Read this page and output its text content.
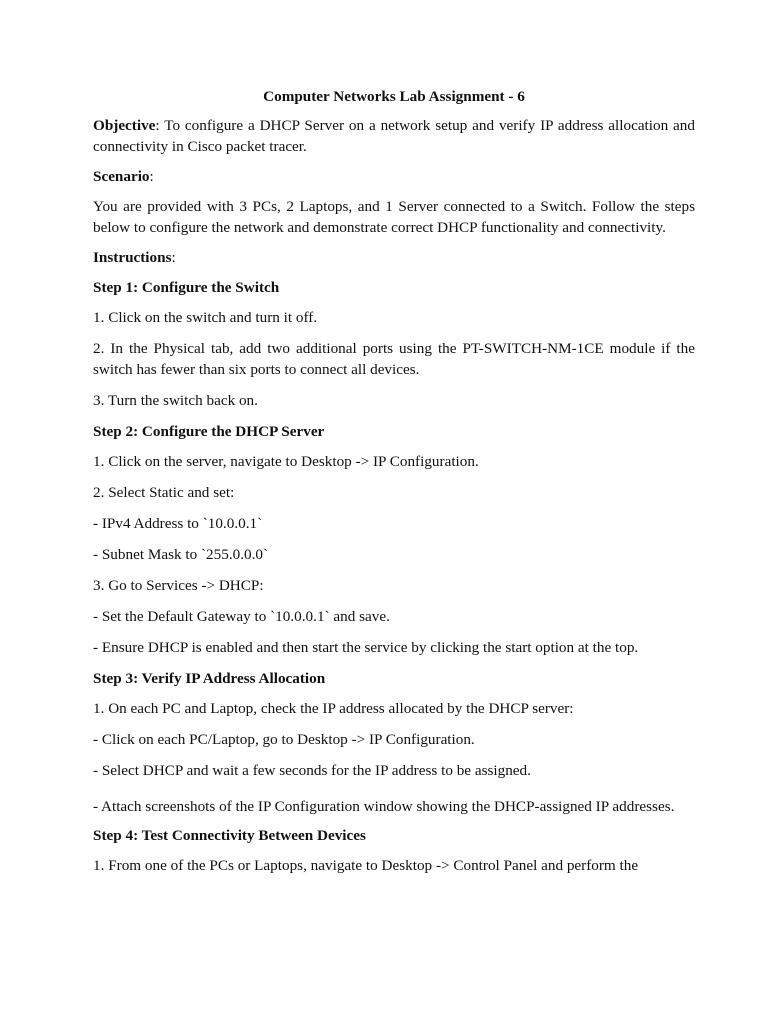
Computer Networks Lab Assignment - 6
Objective: To configure a DHCP Server on a network setup and verify IP address allocation and connectivity in Cisco packet tracer.
Scenario:
You are provided with 3 PCs, 2 Laptops, and 1 Server connected to a Switch. Follow the steps below to configure the network and demonstrate correct DHCP functionality and connectivity.
Instructions:
Step 1: Configure the Switch
1. Click on the switch and turn it off.
2. In the Physical tab, add two additional ports using the PT-SWITCH-NM-1CE module if the switch has fewer than six ports to connect all devices.
3. Turn the switch back on.
Step 2: Configure the DHCP Server
1. Click on the server, navigate to Desktop -> IP Configuration.
2. Select Static and set:
- IPv4 Address to `10.0.0.1`
- Subnet Mask to `255.0.0.0`
3. Go to Services -> DHCP:
- Set the Default Gateway to `10.0.0.1` and save.
- Ensure DHCP is enabled and then start the service by clicking the start option at the top.
Step 3: Verify IP Address Allocation
1. On each PC and Laptop, check the IP address allocated by the DHCP server:
- Click on each PC/Laptop, go to Desktop -> IP Configuration.
- Select DHCP and wait a few seconds for the IP address to be assigned.
- Attach screenshots of the IP Configuration window showing the DHCP-assigned IP addresses.
Step 4: Test Connectivity Between Devices
1. From one of the PCs or Laptops, navigate to Desktop -> Control Panel and perform the
